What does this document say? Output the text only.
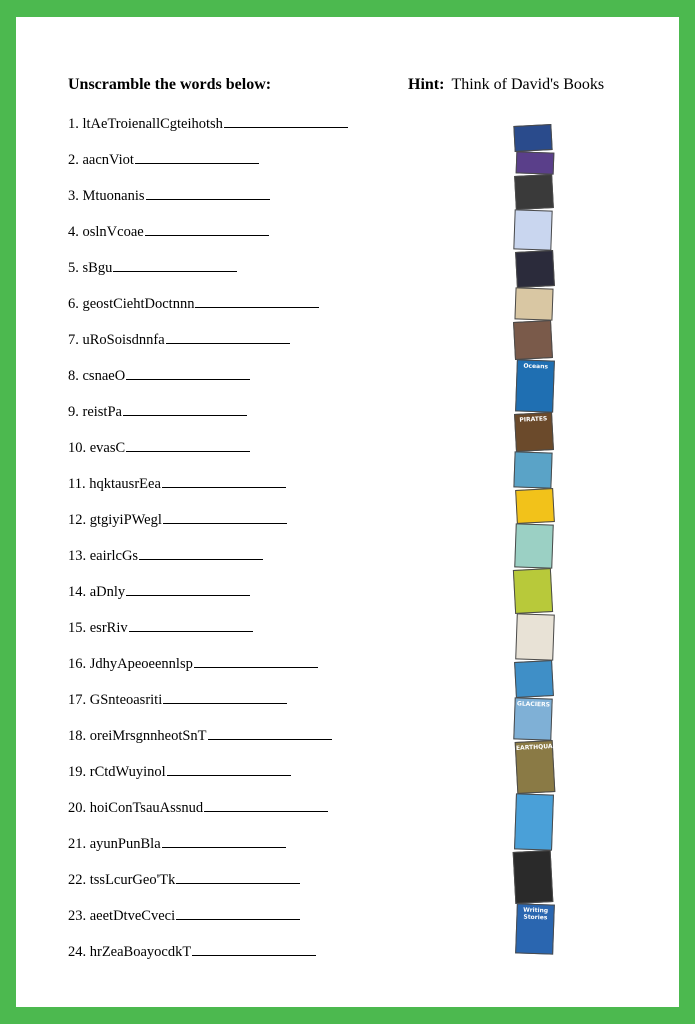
Unscramble the words below:	Hint: Think of David's Books
1. ltAeTroienallCgteihotsh
2. aacnViot
3. Mtuonanis
4. oslnVcoae
5. sBgu
6. geostCiehtDoctnnn
7. uRoSoisdnnfa
8. csnaeO
9. reistPa
10. evasC
11. hqktausrEea
12. gtgiyiPWegl
13. eairlcGs
14. aDnly
15. esrRiv
16. JdhyApeoeennlsp
17. GSnteoasriti
18. oreiMrsgnnheotSnT
19. rCtdWuyinol
20. hoiConTsauAssnud
21. ayunPunBla
22. tssLcurGeo'Tk
23. aeetDtveCveci
24. hrZeaBoayocdkT
Oceans
PIRATES
GLACIERS
EARTHQUAKES
Writing Stories
